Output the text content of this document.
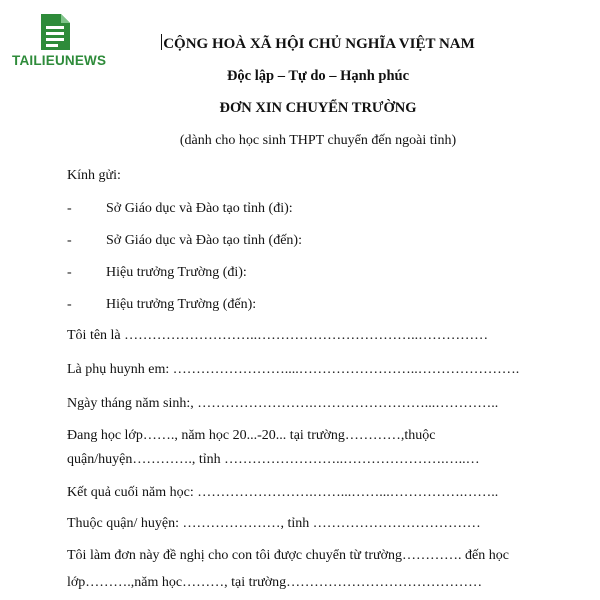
TAILIEUNEWS
CỘNG HOÀ XÃ HỘI CHỦ NGHĨA VIỆT NAM
Độc lập – Tự do – Hạnh phúc
ĐƠN XIN CHUYỂN TRƯỜNG
(dành cho học sinh THPT chuyển đến ngoài tỉnh)
Kính gửi:
- Sở Giáo dục và Đào tạo tỉnh (đi):
- Sở Giáo dục và Đào tạo tỉnh (đến):
- Hiệu trưởng Trường (đi):
- Hiệu trưởng Trường (đến):
Tôi tên là ………………………..……………………………..……………
Là phụ huynh em: ……………………....……………………..………………….
Ngày tháng năm sinh:, …………………….……………………...…………..
Đang học lớp……., năm học 20...-20... tại trường…………,thuộc
quận/huyện…………., tỉnh ……………………..………………….…..…
Kết quả cuối năm học: …………………….……...……...…………….……..
Thuộc quận/ huyện: …………………, tỉnh ………………………………
Tôi làm đơn này đề nghị cho con tôi được chuyển từ trường…………. đến học
lớp……….,năm học………, tại trường……………………………………
